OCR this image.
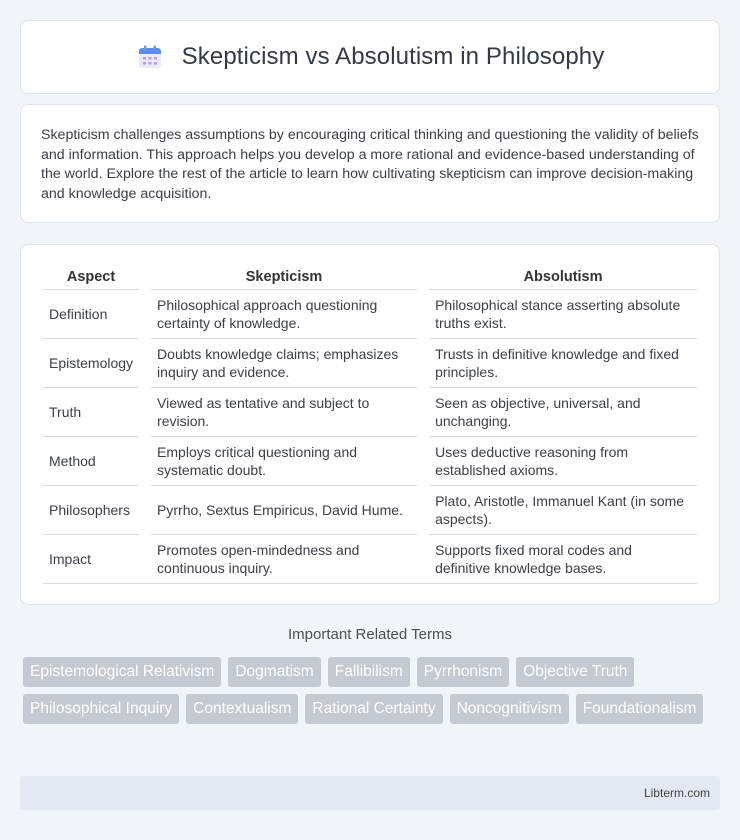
Skepticism vs Absolutism in Philosophy

Skepticism challenges assumptions by encouraging critical thinking and questioning the validity of beliefs and information. This approach helps you develop a more rational and evidence-based understanding of the world. Explore the rest of the article to learn how cultivating skepticism can improve decision-making and knowledge acquisition.

Aspect		Skepticism		Absolutism
Definition		Philosophical approach questioning certainty of knowledge.		Philosophical stance asserting absolute truths exist.
Epistemology		Doubts knowledge claims; emphasizes inquiry and evidence.		Trusts in definitive knowledge and fixed principles.
Truth		Viewed as tentative and subject to revision.		Seen as objective, universal, and unchanging.
Method		Employs critical questioning and systematic doubt.		Uses deductive reasoning from established axioms.
Philosophers		Pyrrho, Sextus Empiricus, David Hume.		Plato, Aristotle, Immanuel Kant (in some aspects).
Impact		Promotes open-mindedness and continuous inquiry.		Supports fixed moral codes and definitive knowledge bases.
Important Related Terms
Epistemological Relativism	Dogmatism	Fallibilism	Pyrrhonism	Objective Truth
Philosophical Inquiry	Contextualism	Rational Certainty	Noncognitivism	Foundationalism
Libterm.com
